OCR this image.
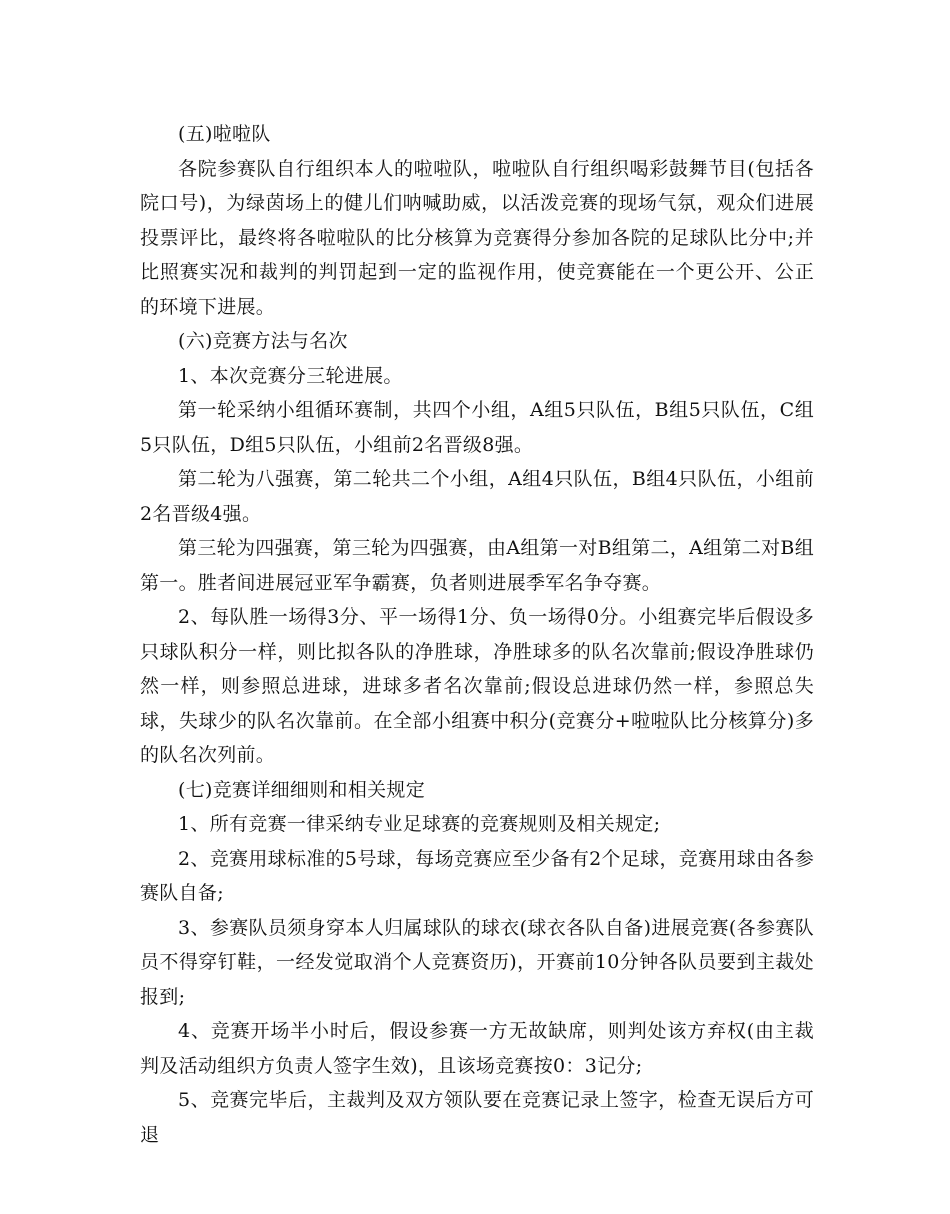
(五)啦啦队

各院参赛队自行组织本人的啦啦队，啦啦队自行组织喝彩鼓舞节目(包括各院口号)，为绿茵场上的健儿们呐喊助威，以活泼竞赛的现场气氛，观众们进展投票评比，最终将各啦啦队的比分核算为竞赛得分参加各院的足球队比分中;并比照赛实况和裁判的判罚起到一定的监视作用，使竞赛能在一个更公开、公正的环境下进展。

(六)竞赛方法与名次

1、本次竞赛分三轮进展。

第一轮采纳小组循环赛制，共四个小组，A组5只队伍，B组5只队伍，C组5只队伍，D组5只队伍，小组前2名晋级8强。

第二轮为八强赛，第二轮共二个小组，A组4只队伍，B组4只队伍，小组前2名晋级4强。

第三轮为四强赛，第三轮为四强赛，由A组第一对B组第二，A组第二对B组第一。胜者间进展冠亚军争霸赛，负者则进展季军名争夺赛。

2、每队胜一场得3分、平一场得1分、负一场得0分。小组赛完毕后假设多只球队积分一样，则比拟各队的净胜球，净胜球多的队名次靠前;假设净胜球仍然一样，则参照总进球，进球多者名次靠前;假设总进球仍然一样，参照总失球，失球少的队名次靠前。在全部小组赛中积分(竞赛分+啦啦队比分核算分)多的队名次列前。

(七)竞赛详细细则和相关规定

1、所有竞赛一律采纳专业足球赛的竞赛规则及相关规定;

2、竞赛用球标准的5号球，每场竞赛应至少备有2个足球，竞赛用球由各参赛队自备;

3、参赛队员须身穿本人归属球队的球衣(球衣各队自备)进展竞赛(各参赛队员不得穿钉鞋，一经发觉取消个人竞赛资历)，开赛前10分钟各队员要到主裁处报到;

4、竞赛开场半小时后，假设参赛一方无故缺席，则判处该方弃权(由主裁判及活动组织方负责人签字生效)，且该场竞赛按0：3记分;

5、竞赛完毕后，主裁判及双方领队要在竞赛记录上签字，检查无误后方可退
